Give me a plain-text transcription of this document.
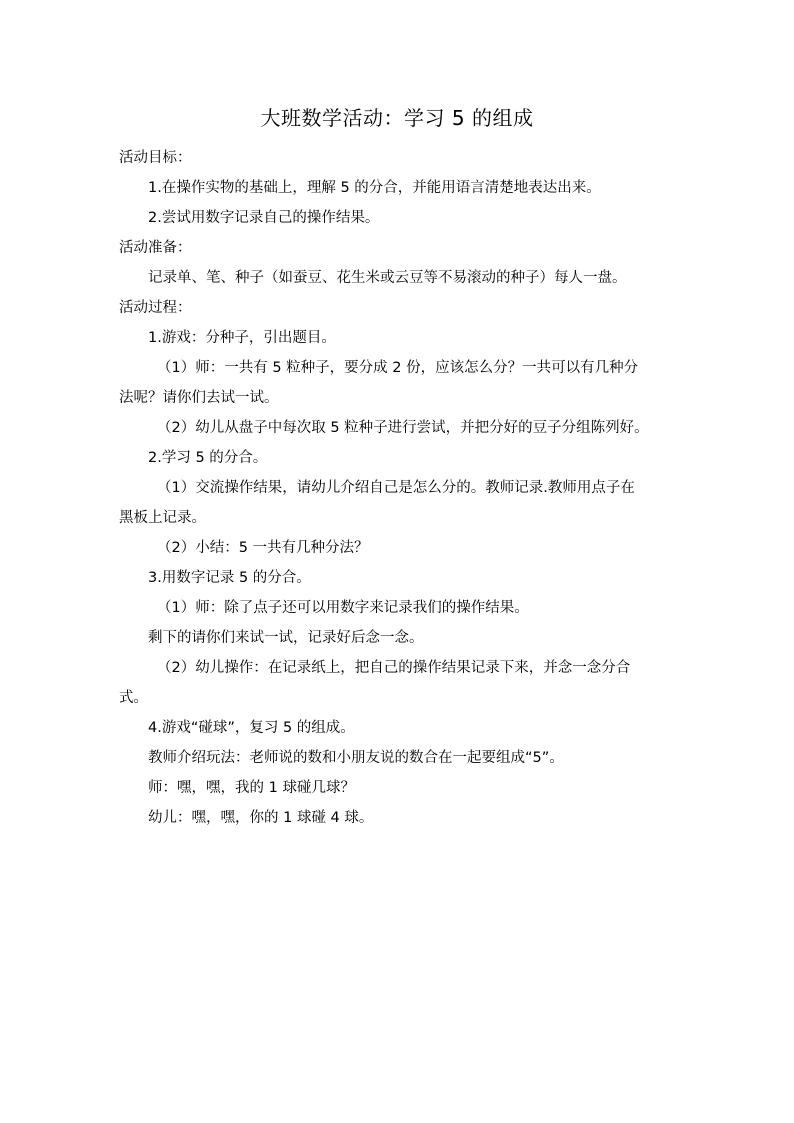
大班数学活动：学习 5 的组成

活动目标：

1.在操作实物的基础上，理解 5 的分合，并能用语言清楚地表达出来。

2.尝试用数字记录自己的操作结果。

活动准备：

记录单、笔、种子（如蚕豆、花生米或云豆等不易滚动的种子）每人一盘。

活动过程：

1.游戏：分种子，引出题目。

（1）师：一共有 5 粒种子，要分成 2 份，应该怎么分？一共可以有几种分

法呢？请你们去试一试。

（2）幼儿从盘子中每次取 5 粒种子进行尝试，并把分好的豆子分组陈列好。

2.学习 5 的分合。

（1）交流操作结果，请幼儿介绍自己是怎么分的。教师记录.教师用点子在

黑板上记录。

（2）小结：5 一共有几种分法？

3.用数字记录 5 的分合。

（1）师：除了点子还可以用数字来记录我们的操作结果。

剩下的请你们来试一试，记录好后念一念。

（2）幼儿操作：在记录纸上，把自己的操作结果记录下来，并念一念分合

式。

4.游戏“碰球”，复习 5 的组成。

教师介绍玩法：老师说的数和小朋友说的数合在一起要组成“5”。

师：嘿，嘿，我的 1 球碰几球？

幼儿：嘿，嘿，你的 1 球碰 4 球。
